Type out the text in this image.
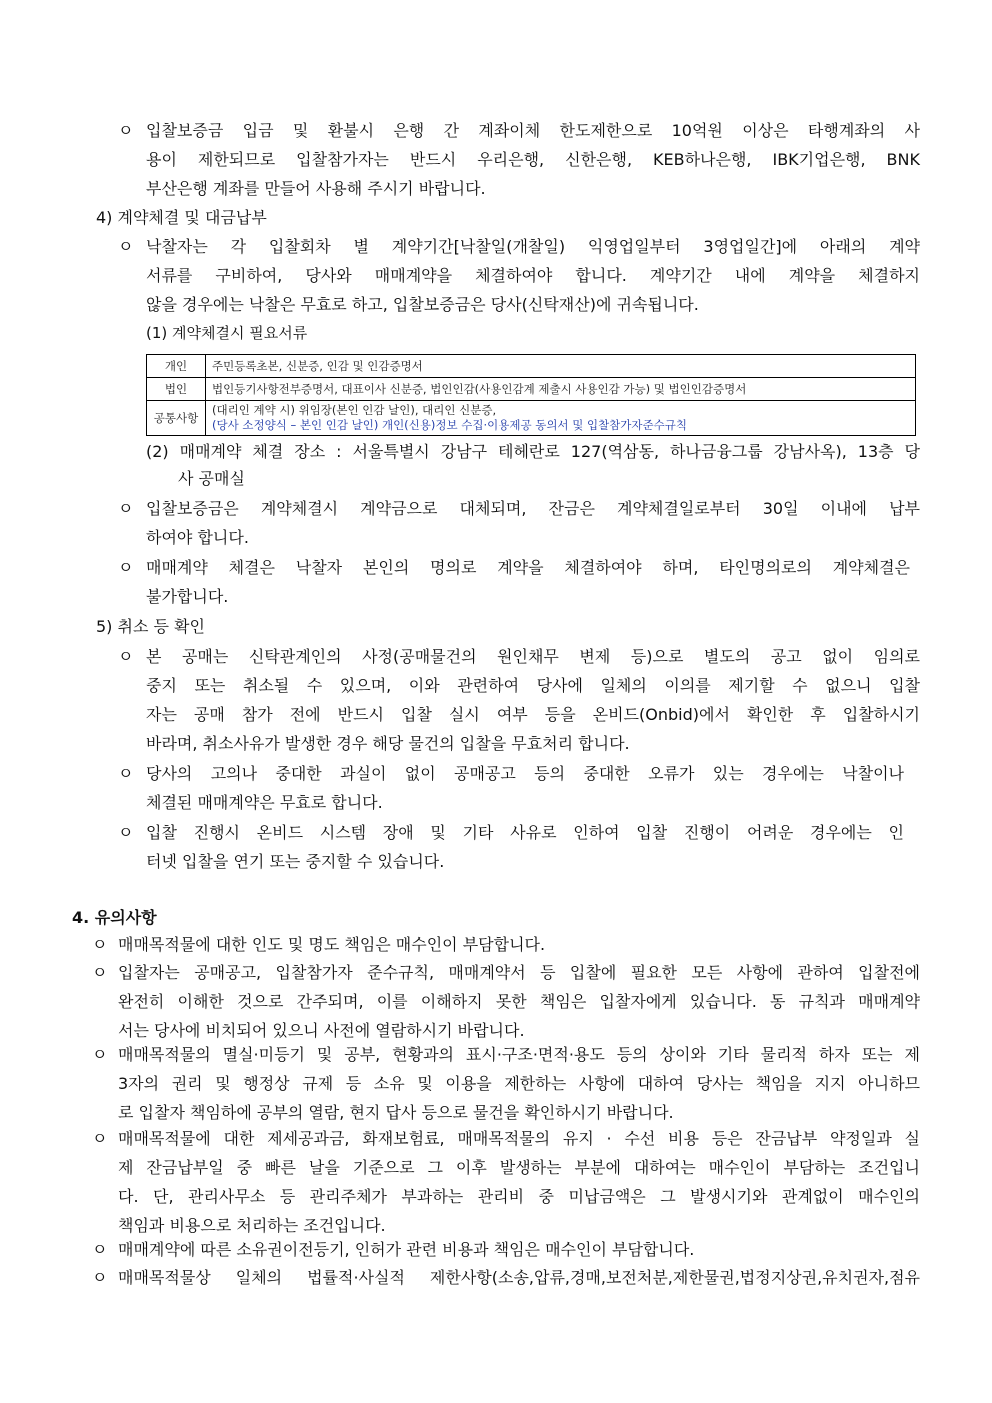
ㅇ 입찰보증금 입금 및 환불시 은행 간 계좌이체 한도제한으로 10억원 이상은 타행계좌의 사
용이 제한되므로 입찰참가자는 반드시 우리은행, 신한은행, KEB하나은행, IBK기업은행, BNK
부산은행 계좌를 만들어 사용해 주시기 바랍니다.
4) 계약체결 및 대금납부
ㅇ 낙찰자는 각 입찰회차 별 계약기간[낙찰일(개찰일) 익영업일부터 3영업일간]에 아래의 계약
서류를 구비하여, 당사와 매매계약을 체결하여야 합니다. 계약기간 내에 계약을 체결하지
않을 경우에는 낙찰은 무효로 하고, 입찰보증금은 당사(신탁재산)에 귀속됩니다.
(1) 계약체결시 필요서류
개인	주민등록초본, 신분증, 인감 및 인감증명서
법인	법인등기사항전부증명서, 대표이사 신분증, 법인인감(사용인감계 제출시 사용인감 가능) 및 법인인감증명서
공통사항	(대리인 계약 시) 위임장(본인 인감 날인), 대리인 신분증,
(당사 소정양식 – 본인 인감 날인) 개인(신용)정보 수집·이용제공 동의서 및 입찰참가자준수규칙
(2) 매매계약 체결 장소 : 서울특별시 강남구 테헤란로 127(역삼동, 하나금융그룹 강남사옥), 13층 당
사 공매실
ㅇ 입찰보증금은 계약체결시 계약금으로 대체되며, 잔금은 계약체결일로부터 30일 이내에 납부
하여야 합니다.
ㅇ 매매계약 체결은 낙찰자 본인의 명의로 계약을 체결하여야 하며, 타인명의로의 계약체결은
불가합니다.
5) 취소 등 확인
ㅇ 본 공매는 신탁관계인의 사정(공매물건의 원인채무 변제 등)으로 별도의 공고 없이 임의로
중지 또는 취소될 수 있으며, 이와 관련하여 당사에 일체의 이의를 제기할 수 없으니 입찰
자는 공매 참가 전에 반드시 입찰 실시 여부 등을 온비드(Onbid)에서 확인한 후 입찰하시기
바라며, 취소사유가 발생한 경우 해당 물건의 입찰을 무효처리 합니다.
ㅇ 당사의 고의나 중대한 과실이 없이 공매공고 등의 중대한 오류가 있는 경우에는 낙찰이나
체결된 매매계약은 무효로 합니다.
ㅇ 입찰 진행시 온비드 시스템 장애 및 기타 사유로 인하여 입찰 진행이 어려운 경우에는 인
터넷 입찰을 연기 또는 중지할 수 있습니다.
4. 유의사항
ㅇ 매매목적물에 대한 인도 및 명도 책임은 매수인이 부담합니다.
ㅇ 입찰자는 공매공고, 입찰참가자 준수규칙, 매매계약서 등 입찰에 필요한 모든 사항에 관하여 입찰전에
완전히 이해한 것으로 간주되며, 이를 이해하지 못한 책임은 입찰자에게 있습니다. 동 규칙과 매매계약
서는 당사에 비치되어 있으니 사전에 열람하시기 바랍니다.
ㅇ 매매목적물의 멸실·미등기 및 공부, 현황과의 표시·구조·면적·용도 등의 상이와 기타 물리적 하자 또는 제
3자의 권리 및 행정상 규제 등 소유 및 이용을 제한하는 사항에 대하여 당사는 책임을 지지 아니하므
로 입찰자 책임하에 공부의 열람, 현지 답사 등으로 물건을 확인하시기 바랍니다.
ㅇ 매매목적물에 대한 제세공과금, 화재보험료, 매매목적물의 유지 · 수선 비용 등은 잔금납부 약정일과 실
제 잔금납부일 중 빠른 날을 기준으로 그 이후 발생하는 부분에 대하여는 매수인이 부담하는 조건입니
다. 단, 관리사무소 등 관리주체가 부과하는 관리비 중 미납금액은 그 발생시기와 관계없이 매수인의
책임과 비용으로 처리하는 조건입니다.
ㅇ 매매계약에 따른 소유권이전등기, 인허가 관련 비용과 책임은 매수인이 부담합니다.
ㅇ 매매목적물상 일체의 법률적·사실적 제한사항(소송,압류,경매,보전처분,제한물권,법정지상권,유치권자,점유
